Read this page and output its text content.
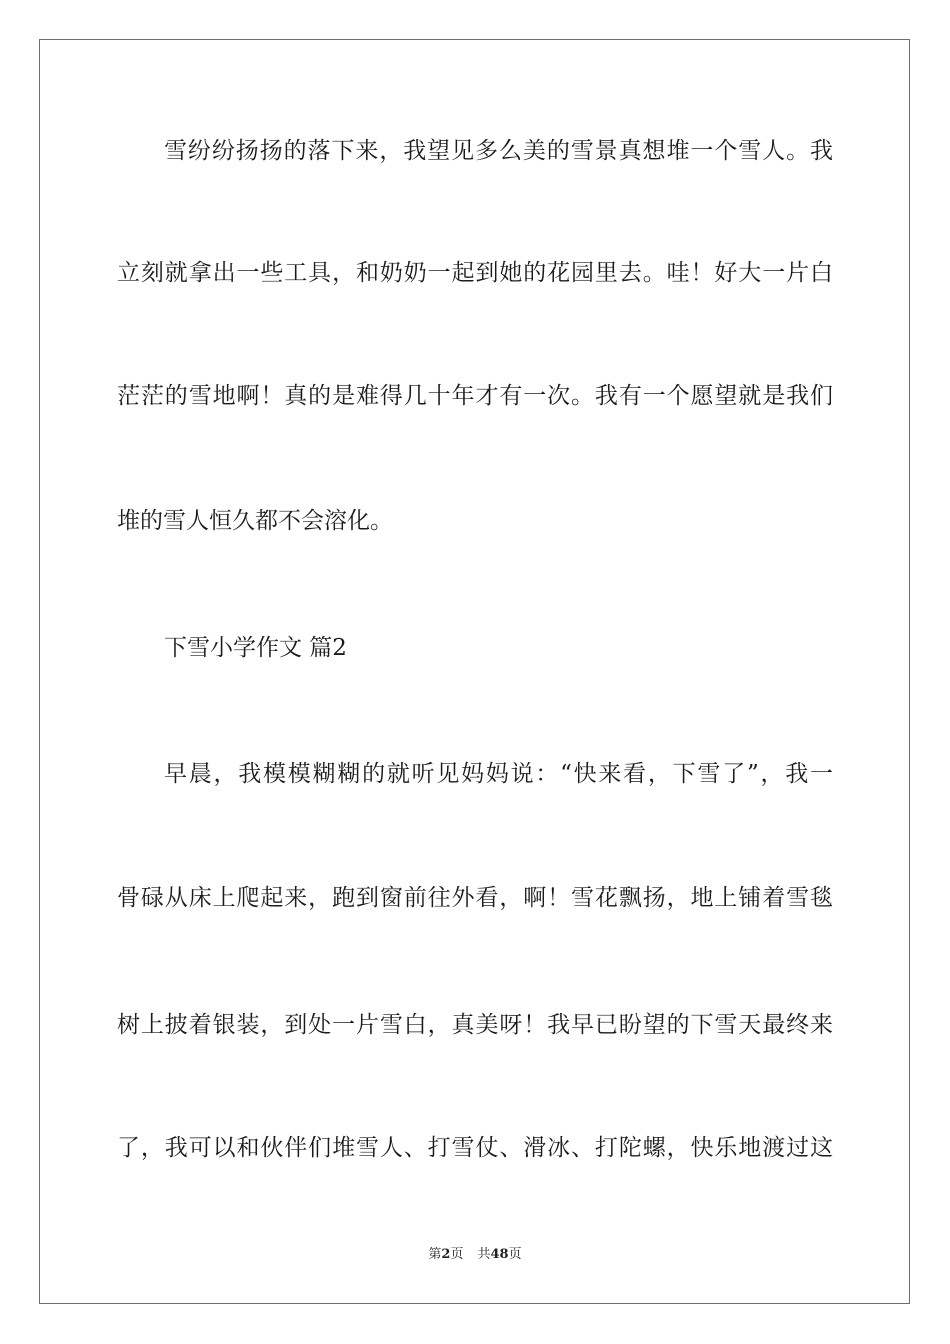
雪纷纷扬扬的落下来，我望见多么美的雪景真想堆一个雪人。我
立刻就拿出一些工具，和奶奶一起到她的花园里去。哇！好大一片白
茫茫的雪地啊！真的是难得几十年才有一次。我有一个愿望就是我们
堆的雪人恒久都不会溶化。
下雪小学作文 篇2
早晨，我模模糊糊的就听见妈妈说：“快来看，下雪了”，我一
骨碌从床上爬起来，跑到窗前往外看，啊！雪花飘扬，地上铺着雪毯
树上披着银装，到处一片雪白，真美呀！我早已盼望的下雪天最终来
了，我可以和伙伴们堆雪人、打雪仗、滑冰、打陀螺，快乐地渡过这
第2页 共48页
